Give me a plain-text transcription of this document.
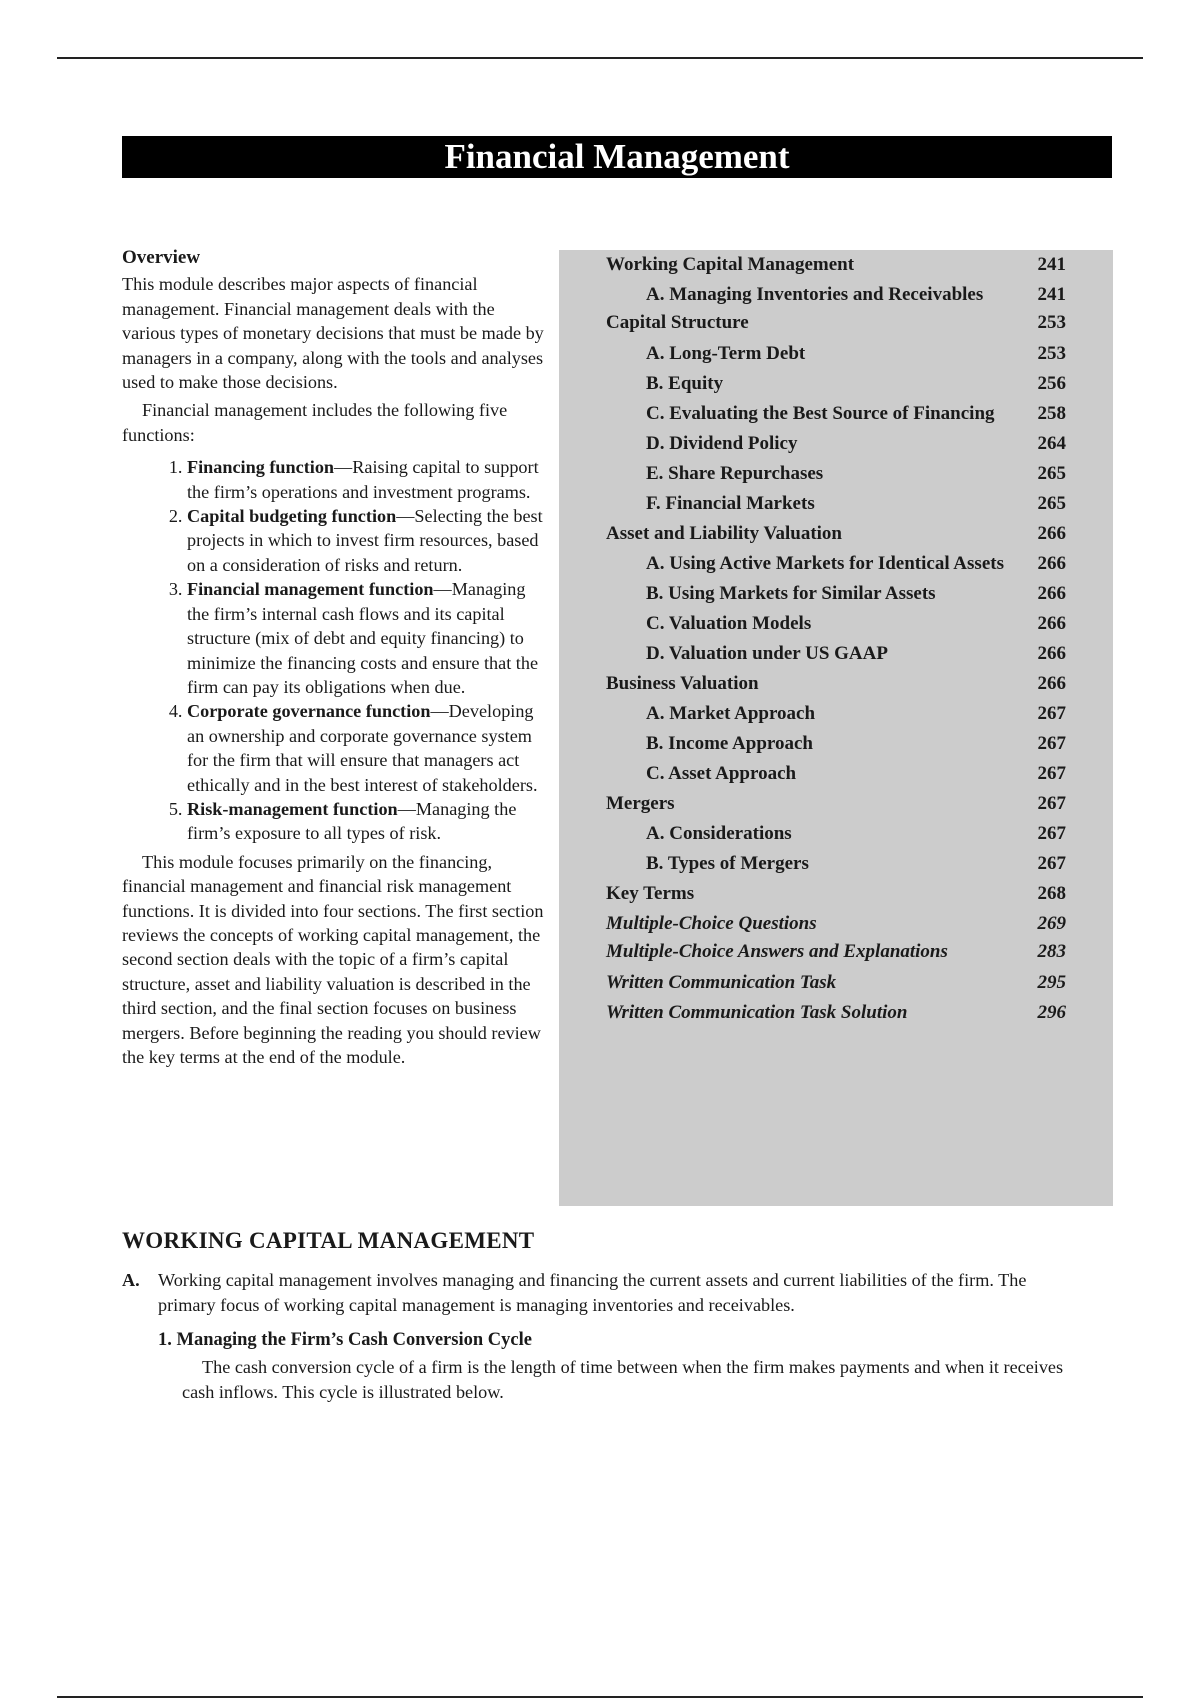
Financial Management
Overview

This module describes major aspects of financial management. Financial management deals with the various types of monetary decisions that must be made by managers in a company, along with the tools and analyses used to make those decisions.

Financial management includes the following five functions:

1. Financing function—Raising capital to support the firm’s operations and investment programs.
2. Capital budgeting function—Selecting the best projects in which to invest firm resources, based on a consideration of risks and return.
3. Financial management function—Managing the firm’s internal cash flows and its capital structure (mix of debt and equity financing) to minimize the financing costs and ensure that the firm can pay its obligations when due.
4. Corporate governance function—Developing an ownership and corporate governance system for the firm that will ensure that managers act ethically and in the best interest of stakeholders.
5. Risk-management function—Managing the firm’s exposure to all types of risk.

This module focuses primarily on the financing, financial management and financial risk management functions. It is divided into four sections. The first section reviews the concepts of working capital management, the second section deals with the topic of a firm’s capital structure, asset and liability valuation is described in the third section, and the final section focuses on business mergers. Before beginning the reading you should review the key terms at the end of the module.

Working Capital Management	241
A. Managing Inventories and Receivables	241
Capital Structure	253
A. Long-Term Debt	253
B. Equity	256
C. Evaluating the Best Source of Financing 258
D. Dividend Policy	264
E. Share Repurchases	265
F. Financial Markets	265
Asset and Liability Valuation	266
A. Using Active Markets for Identical Assets 266
B. Using Markets for Similar Assets	266
C. Valuation Models	266
D. Valuation under US GAAP	266
Business Valuation	266
A. Market Approach	267
B. Income Approach	267
C. Asset Approach	267
Mergers	267
A. Considerations	267
B. Types of Mergers	267
Key Terms	268
Multiple-Choice Questions	269
Multiple-Choice Answers and Explanations	283
Written Communication Task	295
Written Communication Task Solution	296
WORKING CAPITAL MANAGEMENT
A. Working capital management involves managing and financing the current assets and current liabilities of the firm. The primary focus of working capital management is managing inventories and receivables.
1. Managing the Firm’s Cash Conversion Cycle
The cash conversion cycle of a firm is the length of time between when the firm makes payments and when it receives cash inflows. This cycle is illustrated below.
